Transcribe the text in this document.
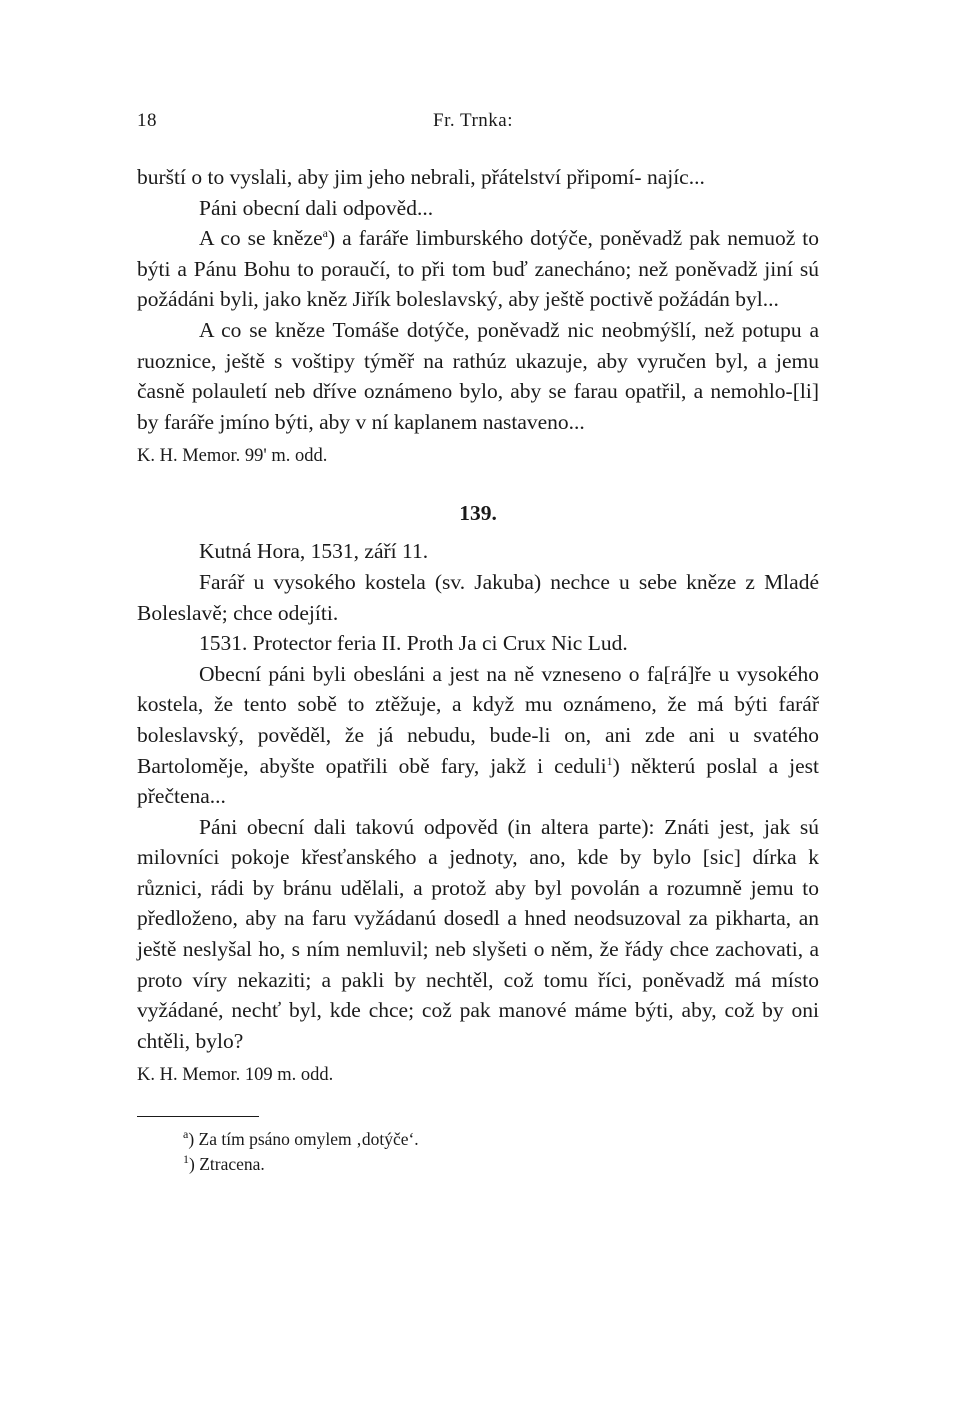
18	Fr. Trnka:

burští o to vyslali, aby jim jeho nebrali, přátelství připomí- najíc...

Páni obecní dali odpověd...

A co se kněze$^a$) a faráře limburského dotýče, poněvadž pak nemuož to býti a Pánu Bohu to poraučí, to při tom buď zanecháno; než poněvadž jiní sú požádáni byli, jako kněz Jiřík boleslavský, aby ještě poctivě požádán byl...

A co se kněze Tomáše dotýče, poněvadž nic neobmýšlí, než potupu a ruoznice, ještě s voštipy týměř na rathúz ukazuje, aby vyručen byl, a jemu časně polauletí neb dříve oznámeno bylo, aby se farau opatřil, a nemohlo-[li] by faráře jmíno býti, aby v ní kaplanem nastaveno...

K. H. Memor. 99' m. odd.

139.

Kutná Hora, 1531, září 11.

Farář u vysokého kostela (sv. Jakuba) nechce u sebe kněze z Mladé Boleslavě; chce odejíti.

1531. Protector feria II. Proth Ja ci Crux Nic Lud.

Obecní páni byli obesláni a jest na ně vzneseno o fa[rá]ře u vysokého kostela, že tento sobě to ztěžuje, a když mu oznámeno, že má býti farář boleslavský, pověděl, že já nebudu, bude-li on, ani zde ani u svatého Bartoloměje, abyšte opatřili obě fary, jakž i ceduli$^1$) některú poslal a jest přečtena...

Páni obecní dali takovú odpověd (in altera parte): Znáti jest, jak sú milovníci pokoje křesťanského a jednoty, ano, kde by bylo [sic] dírka k různici, rádi by bránu udělali, a protož aby byl povolán a rozumně jemu to předloženo, aby na faru vyžádanú dosedl a hned neodsuzoval za pikharta, an ještě neslyšal ho, s ním nemluvil; neb slyšeti o něm, že řády chce zachovati, a proto víry nekaziti; a pakli by nechtěl, což tomu říci, poněvadž má místo vyžádané, nechť byl, kde chce; což pak manové máme býti, aby, což by oni chtěli, bylo?

K. H. Memor. 109 m. odd.

$^a$) Za tím psáno omylem ‚dotýče‘.

$^1$) Ztracena.
